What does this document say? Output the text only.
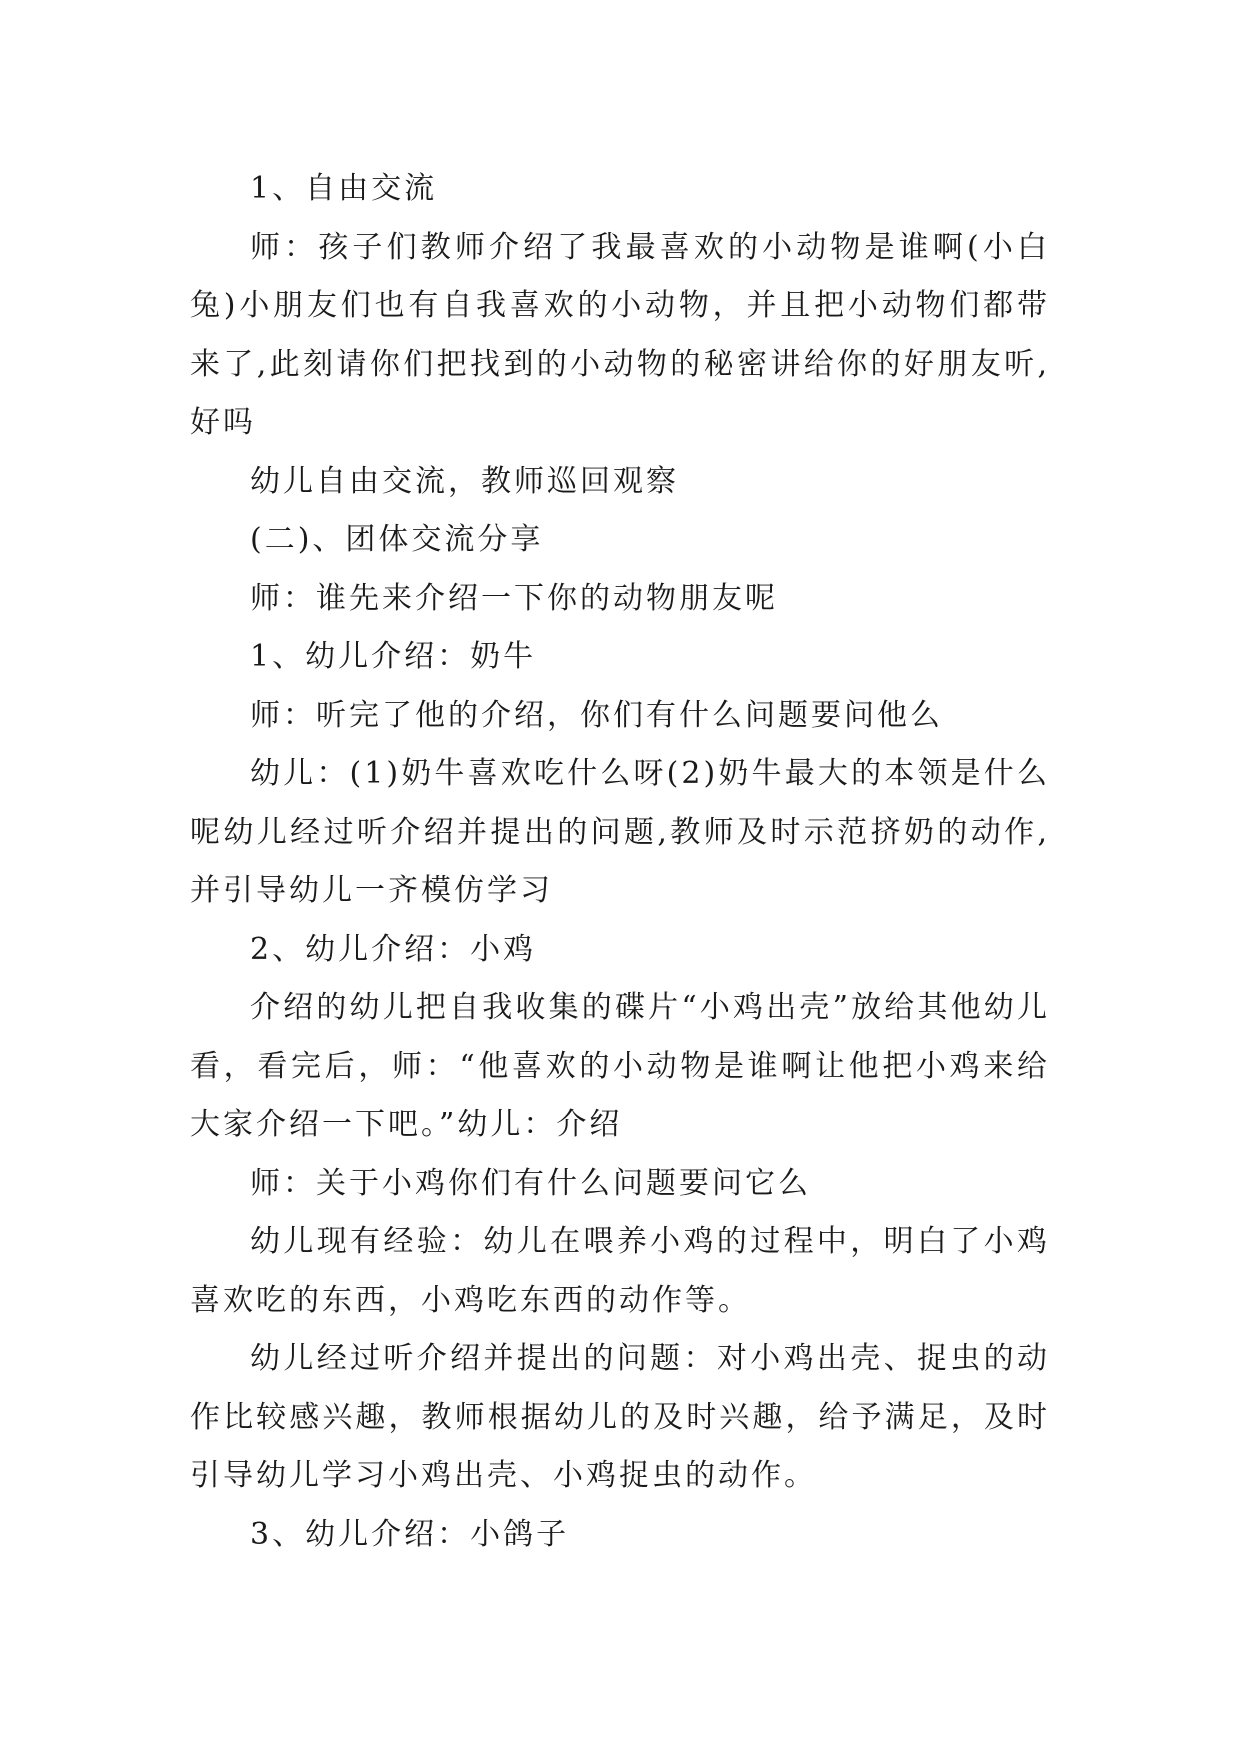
1、自由交流

师：孩子们教师介绍了我最喜欢的小动物是谁啊(小白兔)小朋友们也有自我喜欢的小动物，并且把小动物们都带来了,此刻请你们把找到的小动物的秘密讲给你的好朋友听,好吗

幼儿自由交流，教师巡回观察

(二)、团体交流分享

师：谁先来介绍一下你的动物朋友呢

1、幼儿介绍：奶牛

师：听完了他的介绍，你们有什么问题要问他么

幼儿：(1)奶牛喜欢吃什么呀(2)奶牛最大的本领是什么呢幼儿经过听介绍并提出的问题,教师及时示范挤奶的动作,并引导幼儿一齐模仿学习

2、幼儿介绍：小鸡

介绍的幼儿把自我收集的碟片“小鸡出壳”放给其他幼儿看，看完后，师：“他喜欢的小动物是谁啊让他把小鸡来给大家介绍一下吧。”幼儿：介绍

师：关于小鸡你们有什么问题要问它么

幼儿现有经验：幼儿在喂养小鸡的过程中，明白了小鸡喜欢吃的东西，小鸡吃东西的动作等。

幼儿经过听介绍并提出的问题：对小鸡出壳、捉虫的动作比较感兴趣，教师根据幼儿的及时兴趣，给予满足，及时引导幼儿学习小鸡出壳、小鸡捉虫的动作。

3、幼儿介绍：小鸽子
